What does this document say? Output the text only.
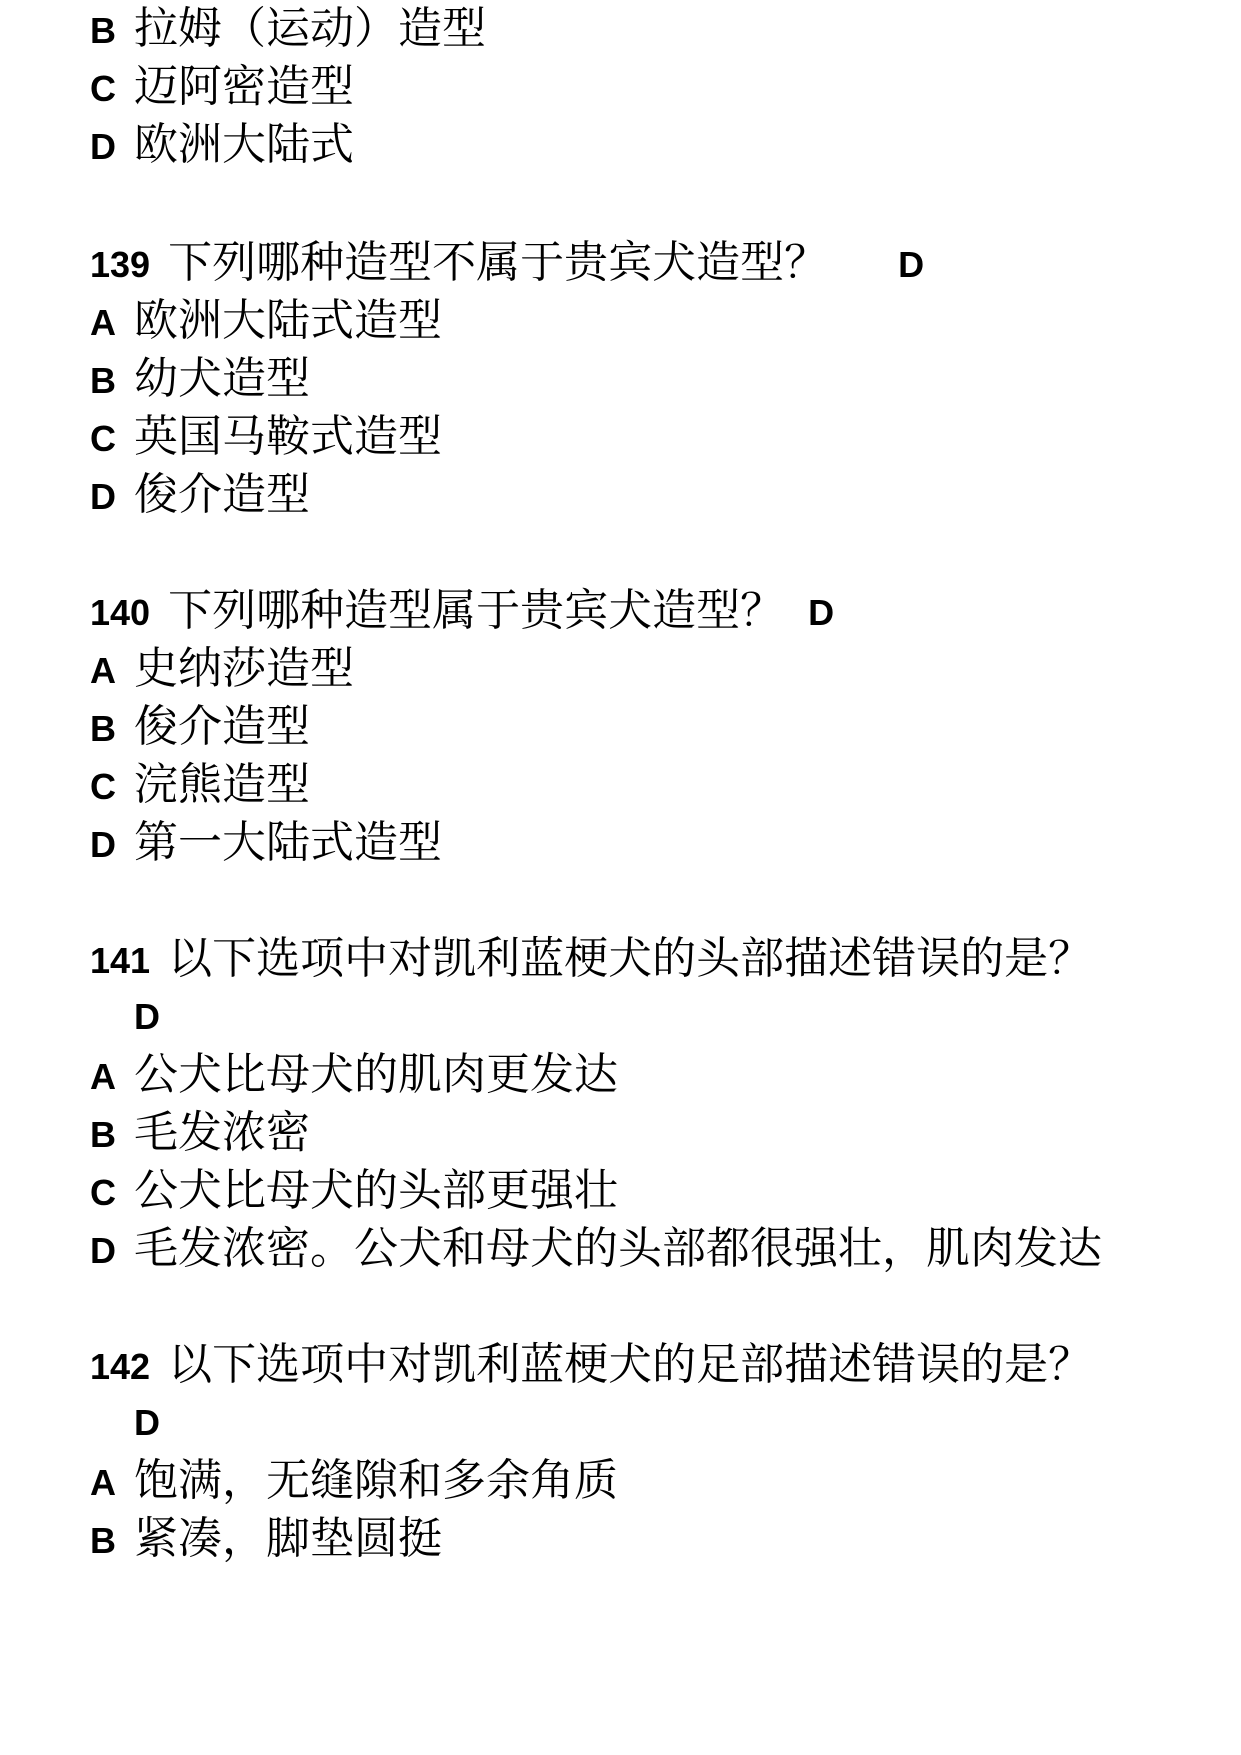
B 拉姆（运动）造型
C 迈阿密造型
D 欧洲大陆式
139 下列哪种造型不属于贵宾犬造型？ D
A 欧洲大陆式造型
B 幼犬造型
C 英国马鞍式造型
D 俊介造型
140 下列哪种造型属于贵宾犬造型？ D
A 史纳莎造型
B 俊介造型
C 浣熊造型
D 第一大陆式造型
141 以下选项中对凯利蓝梗犬的头部描述错误的是？
D
A 公犬比母犬的肌肉更发达
B 毛发浓密
C 公犬比母犬的头部更强壮
D 毛发浓密。公犬和母犬的头部都很强壮，肌肉发达
142 以下选项中对凯利蓝梗犬的足部描述错误的是？
D
A 饱满，无缝隙和多余角质
B 紧凑，脚垫圆挺
